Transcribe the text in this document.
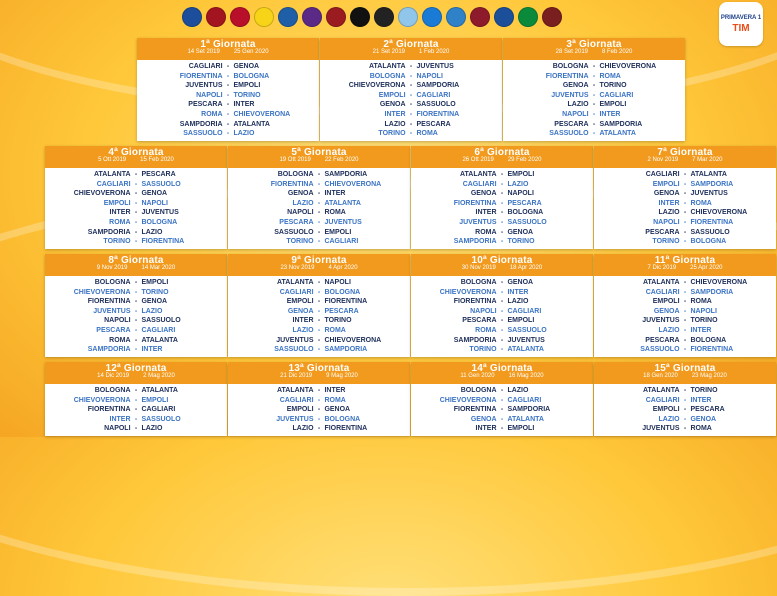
PRIMAVERA 1
TIM
1ª Giornata
14 Set 2019 25 Gen 2020
CAGLIARI - GENOA
FIORENTINA - BOLOGNA
JUVENTUS - EMPOLI
NAPOLI - TORINO
PESCARA - INTER
ROMA - CHIEVOVERONA
SAMPDORIA - ATALANTA
SASSUOLO - LAZIO
2ª Giornata
21 Set 2019 1 Feb 2020
ATALANTA - JUVENTUS
BOLOGNA - NAPOLI
CHIEVOVERONA - SAMPDORIA
EMPOLI - CAGLIARI
GENOA - SASSUOLO
INTER - FIORENTINA
LAZIO - PESCARA
TORINO - ROMA
3ª Giornata
28 Set 2019 8 Feb 2020
BOLOGNA - CHIEVOVERONA
FIORENTINA - ROMA
GENOA - TORINO
JUVENTUS - CAGLIARI
LAZIO - EMPOLI
NAPOLI - INTER
PESCARA - SAMPDORIA
SASSUOLO - ATALANTA
4ª Giornata
5 Ott 2019 15 Feb 2020
ATALANTA - PESCARA
CAGLIARI - SASSUOLO
CHIEVOVERONA - GENOA
EMPOLI - NAPOLI
INTER - JUVENTUS
ROMA - BOLOGNA
SAMPDORIA - LAZIO
TORINO - FIORENTINA
5ª Giornata
19 Ott 2019 22 Feb 2020
BOLOGNA - SAMPDORIA
FIORENTINA - CHIEVOVERONA
GENOA - INTER
LAZIO - ATALANTA
NAPOLI - ROMA
PESCARA - JUVENTUS
SASSUOLO - EMPOLI
TORINO - CAGLIARI
6ª Giornata
26 Ott 2019 29 Feb 2020
ATALANTA - EMPOLI
CAGLIARI - LAZIO
GENOA - NAPOLI
FIORENTINA - PESCARA
INTER - BOLOGNA
JUVENTUS - SASSUOLO
ROMA - GENOA
SAMPDORIA - TORINO
7ª Giornata
2 Nov 2019 7 Mar 2020
CAGLIARI - ATALANTA
EMPOLI - SAMPDORIA
GENOA - JUVENTUS
INTER - ROMA
LAZIO - CHIEVOVERONA
NAPOLI - FIORENTINA
PESCARA - SASSUOLO
TORINO - BOLOGNA
8ª Giornata
9 Nov 2019 14 Mar 2020
BOLOGNA - EMPOLI
CHIEVOVERONA - TORINO
FIORENTINA - GENOA
JUVENTUS - LAZIO
NAPOLI - SASSUOLO
PESCARA - CAGLIARI
ROMA - ATALANTA
SAMPDORIA - INTER
9ª Giornata
23 Nov 2019 4 Apr 2020
ATALANTA - NAPOLI
CAGLIARI - BOLOGNA
EMPOLI - FIORENTINA
GENOA - PESCARA
INTER - TORINO
LAZIO - ROMA
JUVENTUS - CHIEVOVERONA
SASSUOLO - SAMPDORIA
10ª Giornata
30 Nov 2019 18 Apr 2020
BOLOGNA - GENOA
CHIEVOVERONA - INTER
FIORENTINA - LAZIO
NAPOLI - CAGLIARI
PESCARA - EMPOLI
ROMA - SASSUOLO
SAMPDORIA - JUVENTUS
TORINO - ATALANTA
11ª Giornata
7 Dic 2019 25 Apr 2020
ATALANTA - CHIEVOVERONA
CAGLIARI - SAMPDORIA
EMPOLI - ROMA
GENOA - NAPOLI
JUVENTUS - TORINO
LAZIO - INTER
PESCARA - BOLOGNA
SASSUOLO - FIORENTINA
12ª Giornata
14 Dic 2019 2 Mag 2020
BOLOGNA - ATALANTA
CHIEVOVERONA - EMPOLI
FIORENTINA - CAGLIARI
INTER - SASSUOLO
NAPOLI - LAZIO
13ª Giornata
21 Dic 2019 9 Mag 2020
ATALANTA - INTER
CAGLIARI - ROMA
EMPOLI - GENOA
JUVENTUS - BOLOGNA
LAZIO - FIORENTINA
14ª Giornata
11 Gen 2020 16 Mag 2020
BOLOGNA - LAZIO
CHIEVOVERONA - CAGLIARI
FIORENTINA - SAMPDORIA
GENOA - ATALANTA
INTER - EMPOLI
15ª Giornata
18 Gen 2020 23 Mag 2020
ATALANTA - TORINO
CAGLIARI - INTER
EMPOLI - PESCARA
LAZIO - GENOA
JUVENTUS - ROMA
